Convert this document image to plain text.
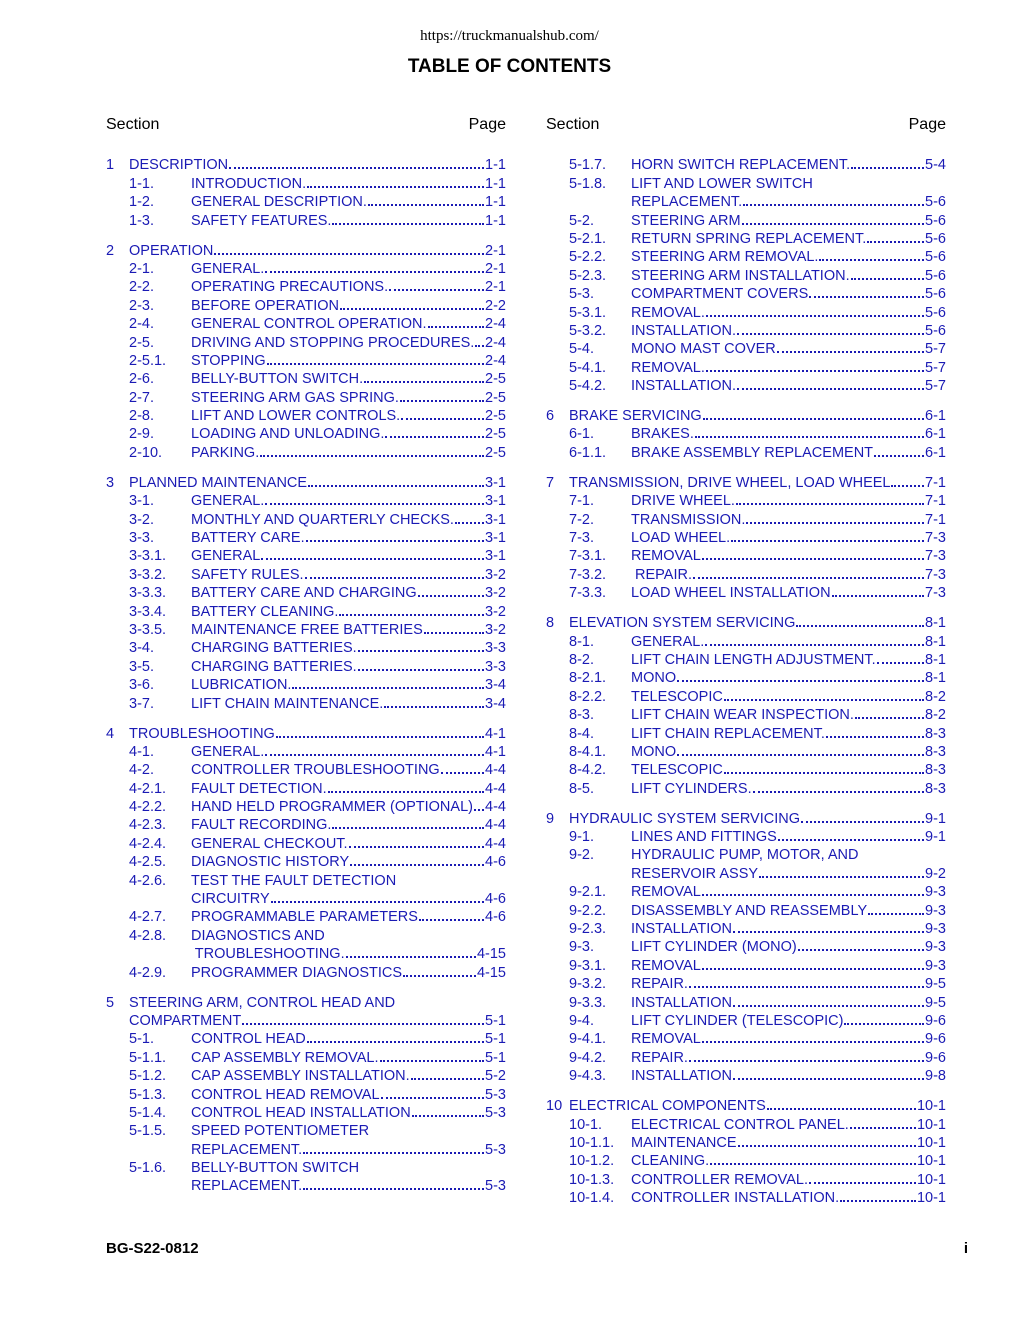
https://truckmanualshub.com/
TABLE OF CONTENTS
Section	Page
1	DESCRIPTION	1-1
1-1.	INTRODUCTION.	1-1
1-2.	GENERAL DESCRIPTION.	1-1
1-3.	SAFETY FEATURES.	1-1
2	OPERATION	2-1
2-1.	GENERAL.	2-1
2-2.	OPERATING PRECAUTIONS.	2-1
2-3.	BEFORE OPERATION	2-2
2-4.	GENERAL CONTROL OPERATION.	2-4
2-5.	DRIVING AND STOPPING PROCEDURES. 2-4
2-5.1.	STOPPING	2-4
2-6.	BELLY-BUTTON SWITCH.	2-5
2-7.	STEERING ARM GAS SPRING.	2-5
2-8.	LIFT AND LOWER CONTROLS.	2-5
2-9.	LOADING AND UNLOADING.	2-5
2-10.	PARKING.	2-5
3	PLANNED MAINTENANCE	3-1
3-1.	GENERAL.	3-1
3-2.	MONTHLY AND QUARTERLY CHECKS. 3-1
3-3.	BATTERY CARE.	3-1
3-3.1.	GENERAL	3-1
3-3.2.	SAFETY RULES.	3-2
3-3.3.	BATTERY CARE AND CHARGING	3-2
3-3.4.	BATTERY CLEANING.	3-2
3-3.5.	MAINTENANCE FREE BATTERIES	3-2
3-4.	CHARGING BATTERIES.	3-3
3-5.	CHARGING BATTERIES.	3-3
3-6.	LUBRICATION.	3-4
3-7.	LIFT CHAIN MAINTENANCE.	3-4
4	TROUBLESHOOTING	4-1
4-1.	GENERAL.	4-1
4-2.	CONTROLLER TROUBLESHOOTING	4-4
4-2.1.	FAULT DETECTION.	4-4
4-2.2.	HAND HELD PROGRAMMER (OPTIONAL) 4-4
4-2.3.	FAULT RECORDING.	4-4
4-2.4.	GENERAL CHECKOUT.	4-4
4-2.5.	DIAGNOSTIC HISTORY	4-6
4-2.6.	TEST THE FAULT DETECTION
CIRCUITRY	4-6
4-2.7.	PROGRAMMABLE PARAMETERS	4-6
4-2.8.	DIAGNOSTICS AND
TROUBLESHOOTING.	4-15
4-2.9.	PROGRAMMER DIAGNOSTICS	4-15
5	STEERING ARM, CONTROL HEAD AND
COMPARTMENT	5-1
5-1.	CONTROL HEAD	5-1
5-1.1.	CAP ASSEMBLY REMOVAL.	5-1
5-1.2.	CAP ASSEMBLY INSTALLATION.	5-2
5-1.3.	CONTROL HEAD REMOVAL	5-3
5-1.4.	CONTROL HEAD INSTALLATION	5-3
5-1.5.	SPEED POTENTIOMETER
REPLACEMENT.	5-3
5-1.6.	BELLY-BUTTON SWITCH
REPLACEMENT.	5-3
Section	Page
5-1.7.	HORN SWITCH REPLACEMENT.	5-4
5-1.8.	LIFT AND LOWER SWITCH
REPLACEMENT.	5-6
5-2.	STEERING ARM	5-6
5-2.1.	RETURN SPRING REPLACEMENT.	5-6
5-2.2.	STEERING ARM REMOVAL.	5-6
5-2.3.	STEERING ARM INSTALLATION.	5-6
5-3.	COMPARTMENT COVERS	5-6
5-3.1.	REMOVAL.	5-6
5-3.2.	INSTALLATION.	5-6
5-4.	MONO MAST COVER	5-7
5-4.1.	REMOVAL.	5-7
5-4.2.	INSTALLATION.	5-7
6	BRAKE SERVICING	6-1
6-1.	BRAKES.	6-1
6-1.1.	BRAKE ASSEMBLY REPLACEMENT	6-1
7	TRANSMISSION, DRIVE WHEEL, LOAD WHEEL 7-1
7-1.	DRIVE WHEEL.	7-1
7-2.	TRANSMISSION.	7-1
7-3.	LOAD WHEEL.	7-3
7-3.1.	REMOVAL	7-3
7-3.2.	REPAIR.	7-3
7-3.3.	LOAD WHEEL INSTALLATION	7-3
8	ELEVATION SYSTEM SERVICING	8-1
8-1.	GENERAL.	8-1
8-2.	LIFT CHAIN LENGTH ADJUSTMENT.	8-1
8-2.1.	MONO	8-1
8-2.2.	TELESCOPIC	8-2
8-3.	LIFT CHAIN WEAR INSPECTION.	8-2
8-4.	LIFT CHAIN REPLACEMENT.	8-3
8-4.1.	MONO	8-3
8-4.2.	TELESCOPIC	8-3
8-5.	LIFT CYLINDERS.	8-3
9	HYDRAULIC SYSTEM SERVICING	9-1
9-1.	LINES AND FITTINGS	9-1
9-2.	HYDRAULIC PUMP, MOTOR, AND
RESERVOIR ASSY	9-2
9-2.1.	REMOVAL	9-3
9-2.2.	DISASSEMBLY AND REASSEMBLY	9-3
9-2.3.	INSTALLATION	9-3
9-3.	LIFT CYLINDER (MONO)	9-3
9-3.1.	REMOVAL	9-3
9-3.2.	REPAIR.	9-5
9-3.3.	INSTALLATION	9-5
9-4.	LIFT CYLINDER (TELESCOPIC)	9-6
9-4.1.	REMOVAL	9-6
9-4.2.	REPAIR.	9-6
9-4.3.	INSTALLATION	9-8
10 ELECTRICAL COMPONENTS	10-1
10-1.	ELECTRICAL CONTROL PANEL.	10-1
10-1.1.	MAINTENANCE	10-1
10-1.2.	CLEANING.	10-1
10-1.3.	CONTROLLER REMOVAL.	10-1
10-1.4.	CONTROLLER INSTALLATION.	10-1
BG-S22-0812	i
